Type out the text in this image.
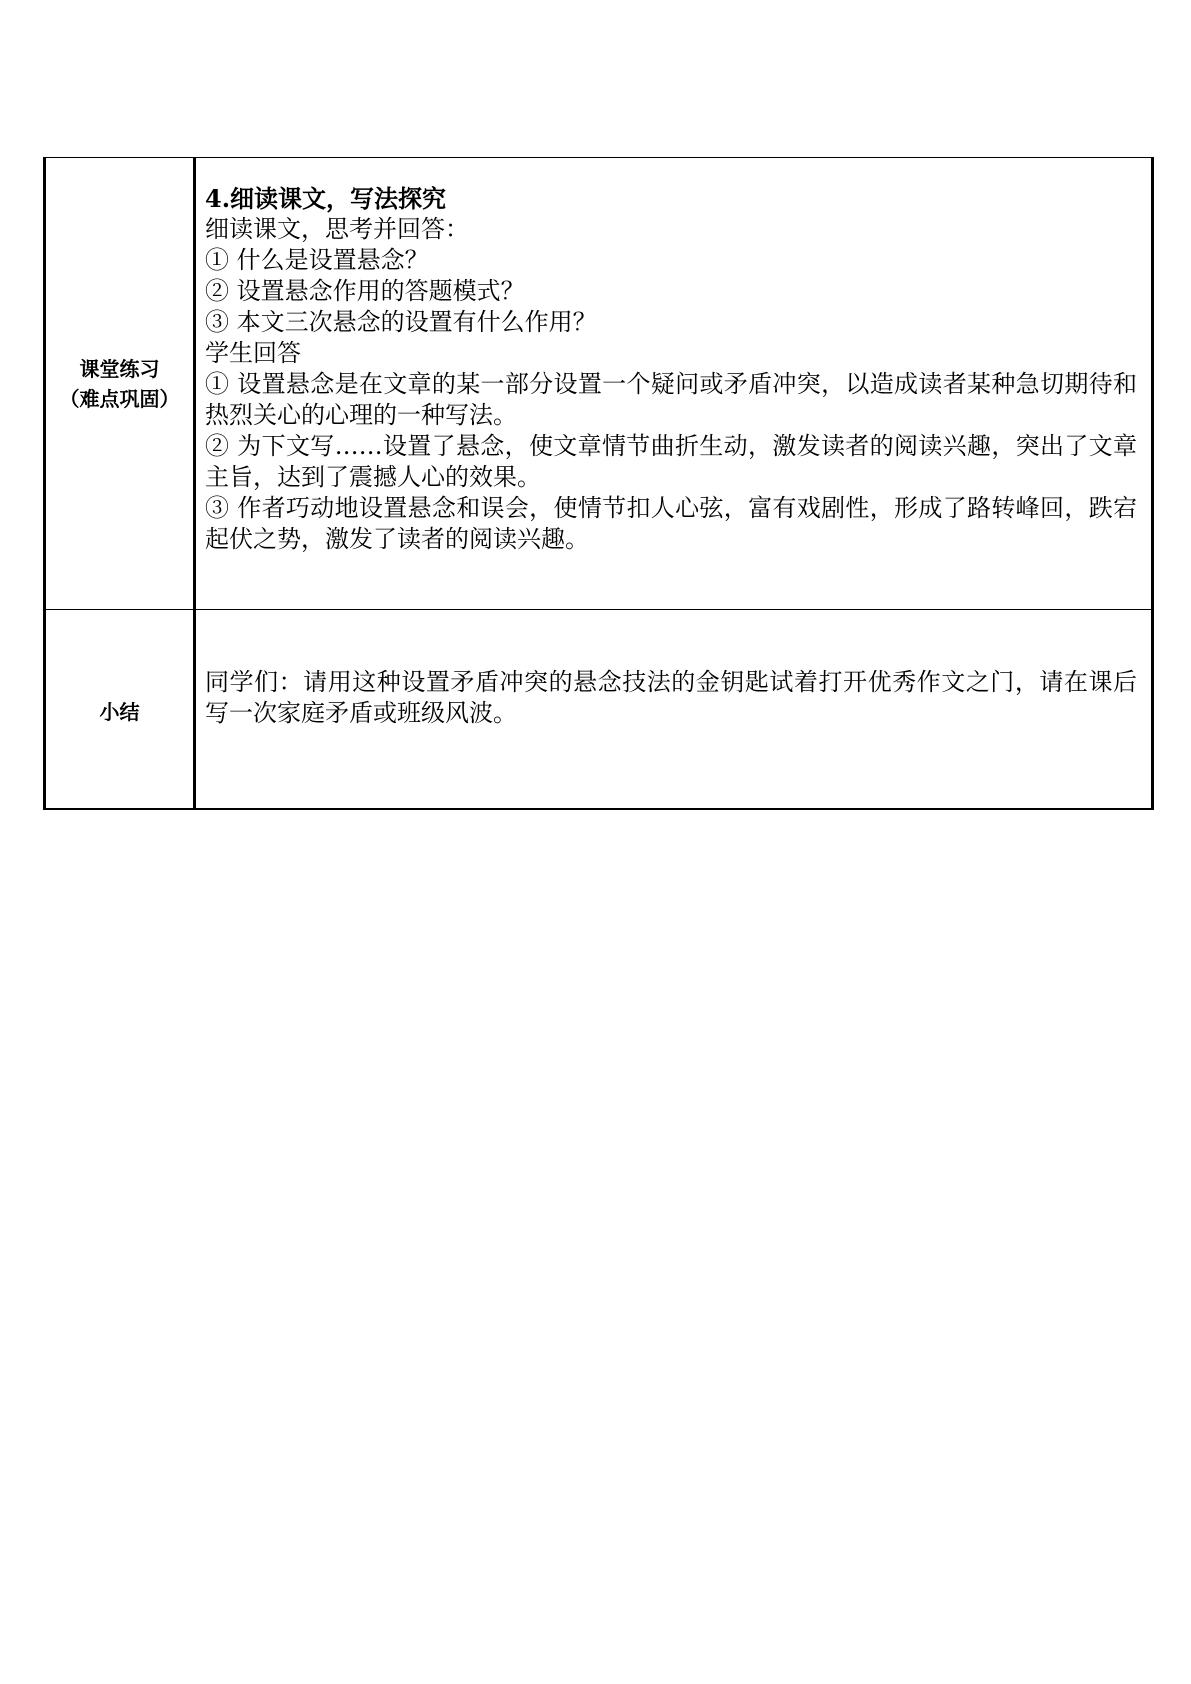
课堂练习
（难点巩固）

4.细读课文，写法探究

细读课文，思考并回答：

① 什么是设置悬念？

② 设置悬念作用的答题模式？

③ 本文三次悬念的设置有什么作用？

学生回答

① 设置悬念是在文章的某一部分设置一个疑问或矛盾冲突，以造成读者某种急切期待和热烈关心的心理的一种写法。

② 为下文写……设置了悬念，使文章情节曲折生动，激发读者的阅读兴趣，突出了文章主旨，达到了震撼人心的效果。

③ 作者巧动地设置悬念和误会，使情节扣人心弦，富有戏剧性，形成了路转峰回，跌宕起伏之势，激发了读者的阅读兴趣。

小结

同学们：请用这种设置矛盾冲突的悬念技法的金钥匙试着打开优秀作文之门，请在课后写一次家庭矛盾或班级风波。
